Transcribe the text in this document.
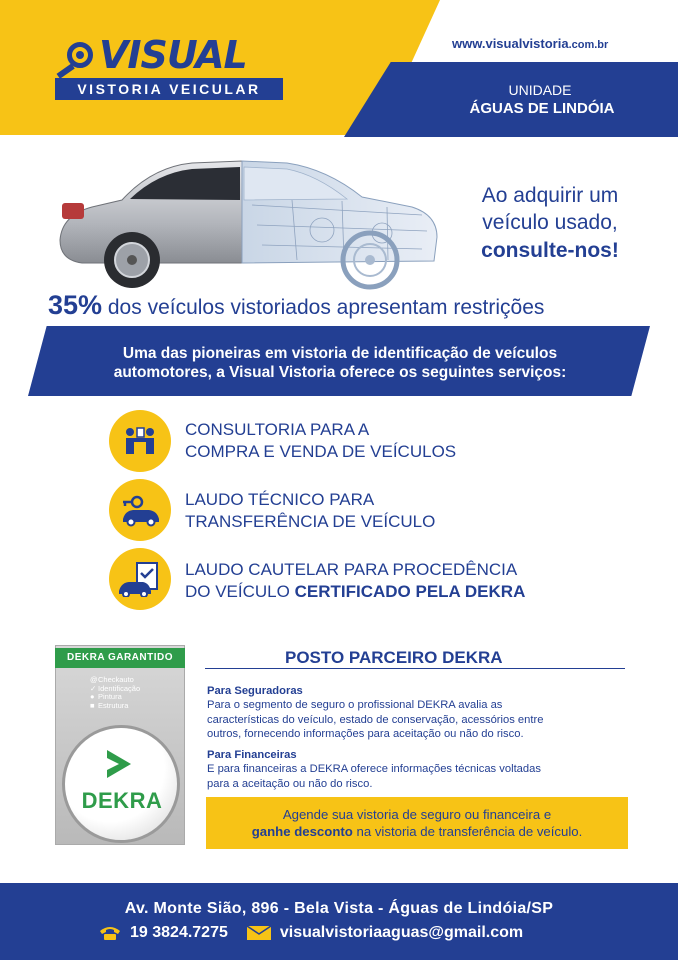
VISUAL
VISTORIA VEICULAR
www.visualvistoria.com.br
UNIDADE
ÁGUAS DE LINDÓIA
Ao adquirir um
veículo usado,
consulte-nos!
35% dos veículos vistoriados apresentam restrições
Uma das pioneiras em vistoria de identificação de veículos
automotores, a Visual Vistoria oferece os seguintes serviços:
CONSULTORIA PARA A
COMPRA E VENDA DE VEÍCULOS
LAUDO TÉCNICO PARA
TRANSFERÊNCIA DE VEÍCULO
LAUDO CAUTELAR PARA PROCEDÊNCIA
DO VEÍCULO CERTIFICADO PELA DEKRA
DEKRA GARANTIDO
@Checkauto
✓ Identificação
● Pintura
■ Estrutura
DEKRA
POSTO PARCEIRO DEKRA
Para Seguradoras
Para o segmento de seguro o profissional DEKRA avalia as
características do veículo, estado de conservação, acessórios entre
outros, fornecendo informações para aceitação ou não do risco.
Para Financeiras
E para financeiras a DEKRA oferece informações técnicas voltadas
para a aceitação ou não do risco.
Agende sua vistoria de seguro ou financeira e
ganhe desconto na vistoria de transferência de veículo.
Av. Monte Sião, 896 - Bela Vista - Águas de Lindóia/SP
19 3824.7275	visualvistoriaaguas@gmail.com
